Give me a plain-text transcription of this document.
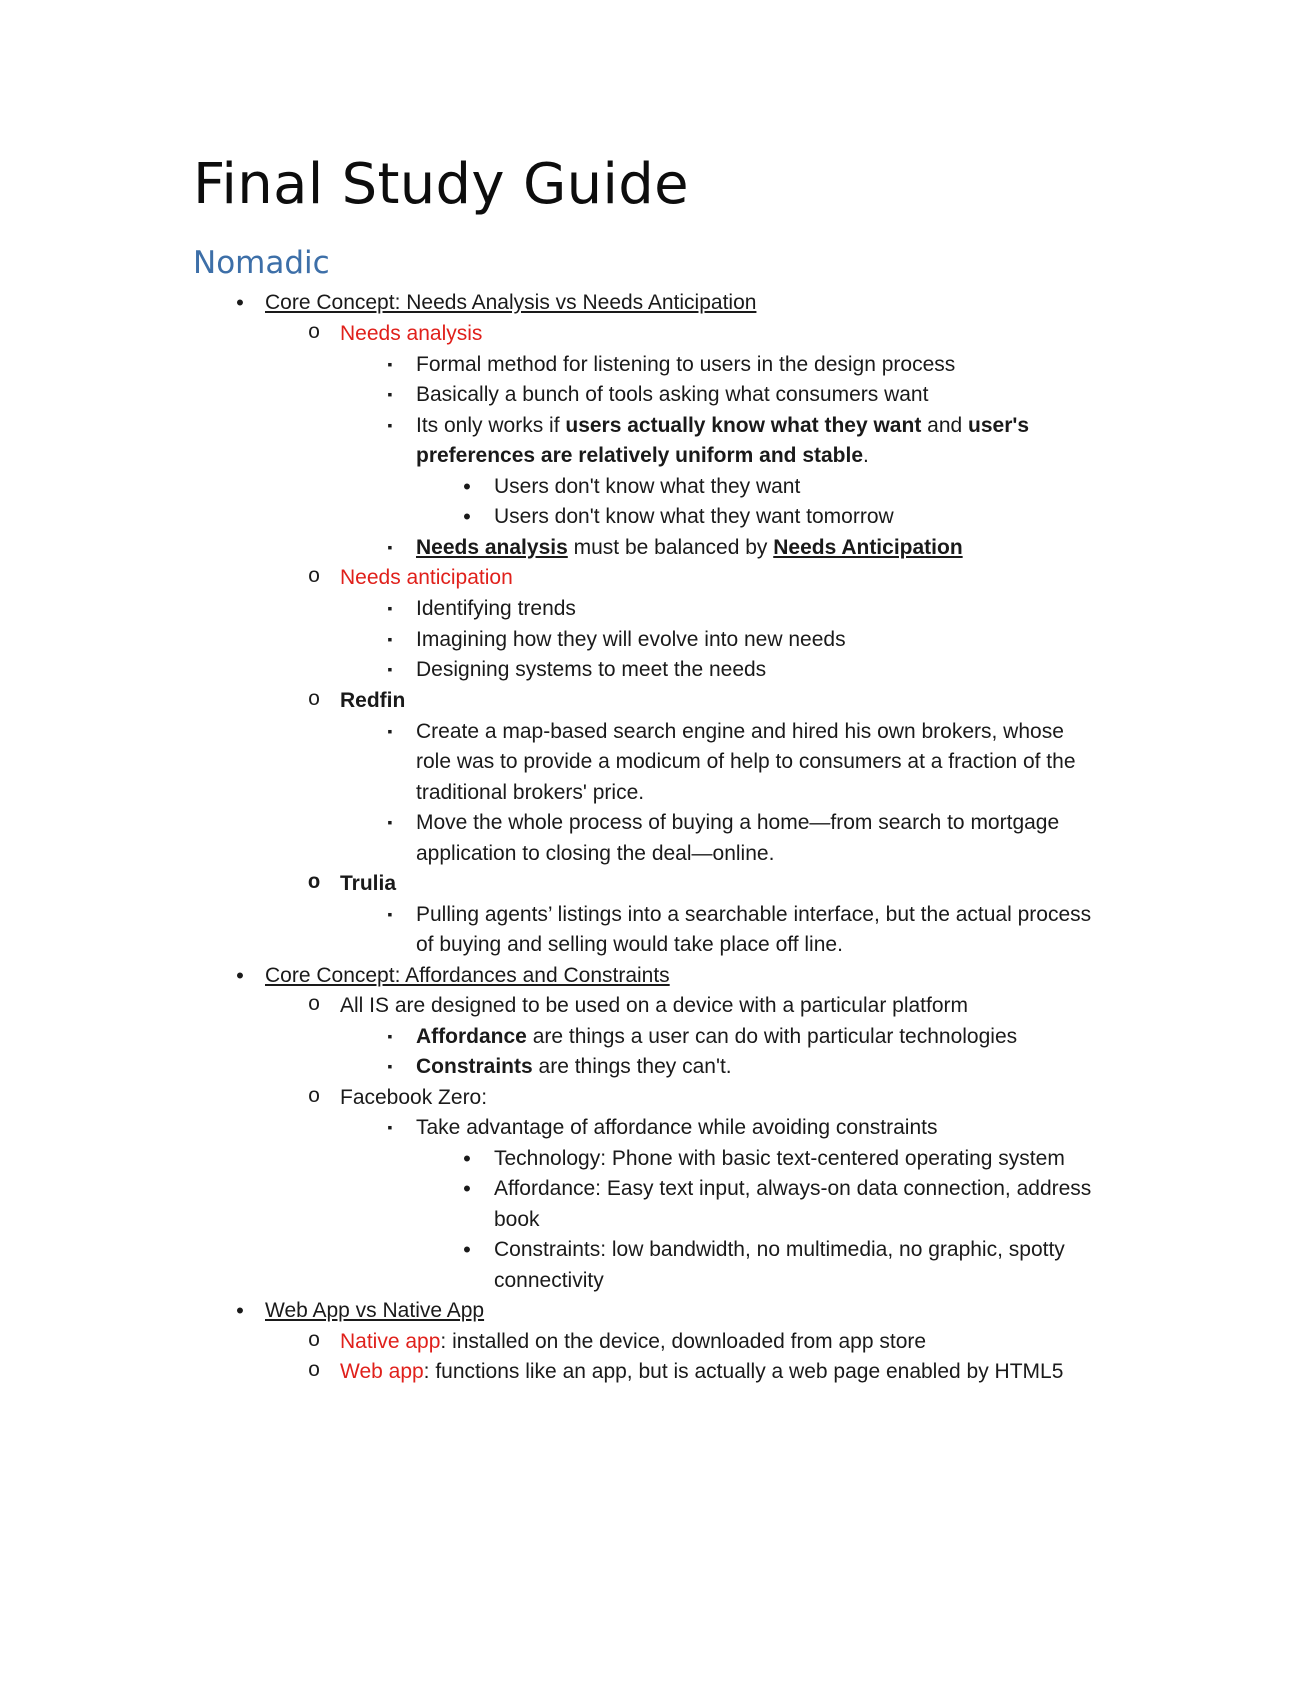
Final Study Guide
Nomadic
•	Core Concept: Needs Analysis vs Needs Anticipation
o Needs analysis
▪	Formal method for listening to users in the design process
▪	Basically a bunch of tools asking what consumers want
▪	Its only works if users actually know what they want and user's
preferences are relatively uniform and stable.
•	Users don't know what they want
•	Users don't know what they want tomorrow
▪	Needs analysis must be balanced by Needs Anticipation
o Needs anticipation
▪	Identifying trends
▪	Imagining how they will evolve into new needs
▪	Designing systems to meet the needs
o Redfin
▪	Create a map-based search engine and hired his own brokers, whose
role was to provide a modicum of help to consumers at a fraction of the
traditional brokers' price.
▪	Move the whole process of buying a home—from search to mortgage
application to closing the deal—online.
o Trulia
▪	Pulling agents’ listings into a searchable interface, but the actual process
of buying and selling would take place off line.
•	Core Concept: Affordances and Constraints
o All IS are designed to be used on a device with a particular platform
▪	Affordance are things a user can do with particular technologies
▪	Constraints are things they can't.
o Facebook Zero:
▪	Take advantage of affordance while avoiding constraints
•	Technology: Phone with basic text-centered operating system
•	Affordance: Easy text input, always-on data connection, address
book
•	Constraints: low bandwidth, no multimedia, no graphic, spotty
connectivity
•	Web App vs Native App
o Native app: installed on the device, downloaded from app store
o Web app: functions like an app, but is actually a web page enabled by HTML5
